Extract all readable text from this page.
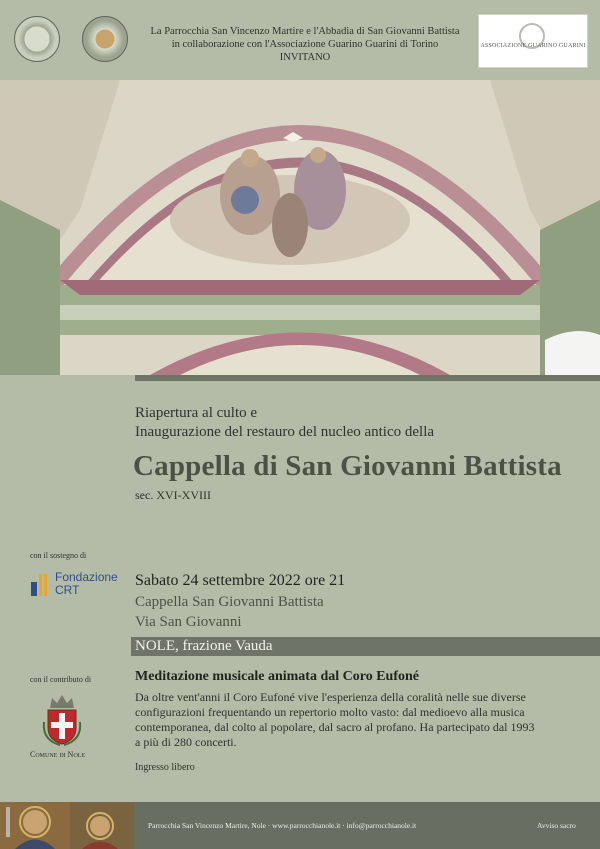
La Parrocchia San Vincenzo Martire e l'Abbadia di San Giovanni Battista
in collaborazione con l'Associazione Guarino Guarini di Torino
INVITANO
ASSOCIAZIONE GUARINO GUARINI
Riapertura al culto e
Inaugurazione del restauro del nucleo antico della
Cappella di San Giovanni Battista
sec. XVI-XVIII
con il sostegno di
Fondazione
CRT
Sabato 24 settembre 2022 ore 21
Cappella San Giovanni Battista
Via San Giovanni
NOLE, frazione Vauda
con il contributo di
Comune di Nole
Meditazione musicale animata dal Coro Eufoné
Da oltre vent'anni il Coro Eufoné vive l'esperienza della coralità nelle sue diverse configurazioni frequentando un repertorio molto vasto: dal medioevo alla musica contemporanea, dal colto al popolare, dal sacro al profano. Ha partecipato dal 1993 a più di 280 concerti.
Ingresso libero
Parrocchia San Vincenzo Martire, Nole · www.parrocchianole.it · info@parrocchianole.it	Avviso sacro
